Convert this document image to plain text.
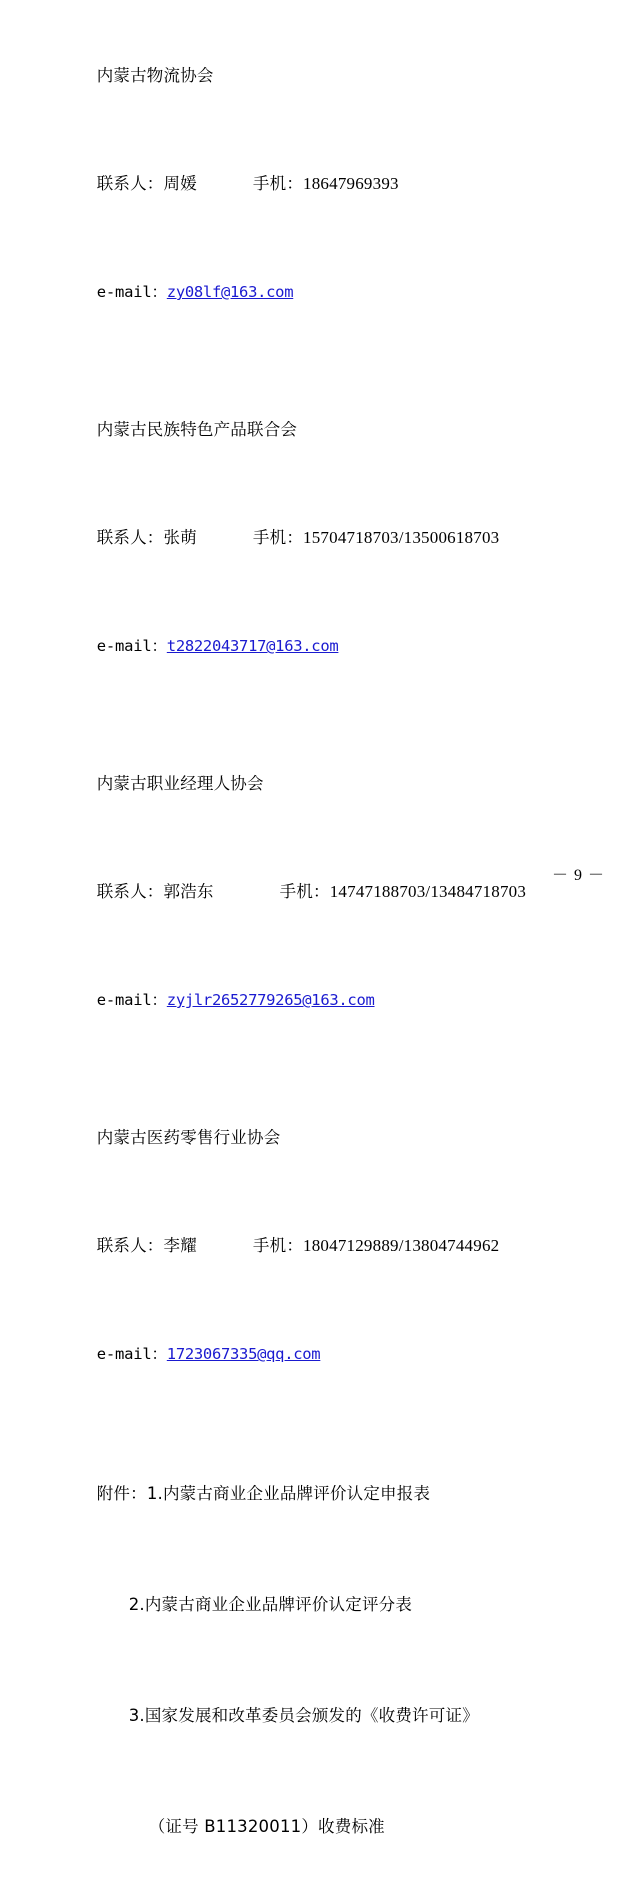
内蒙古物流协会

联系人：周媛	手机：18647969393

e-mail：zy08lf@163.com

内蒙古民族特色产品联合会

联系人：张萌	手机：15704718703/13500618703

e-mail：t2822043717@163.com

内蒙古职业经理人协会

联系人：郭浩东	手机：14747188703/13484718703

e-mail：zyjlr2652779265@163.com

内蒙古医药零售行业协会

联系人：李耀	手机：18047129889/13804744962

e-mail：1723067335@qq.com

附件：1.内蒙古商业企业品牌评价认定申报表

2.内蒙古商业企业品牌评价认定评分表

3.国家发展和改革委员会颁发的《收费许可证》

（证号 B11320011）收费标准

－ 9 －
